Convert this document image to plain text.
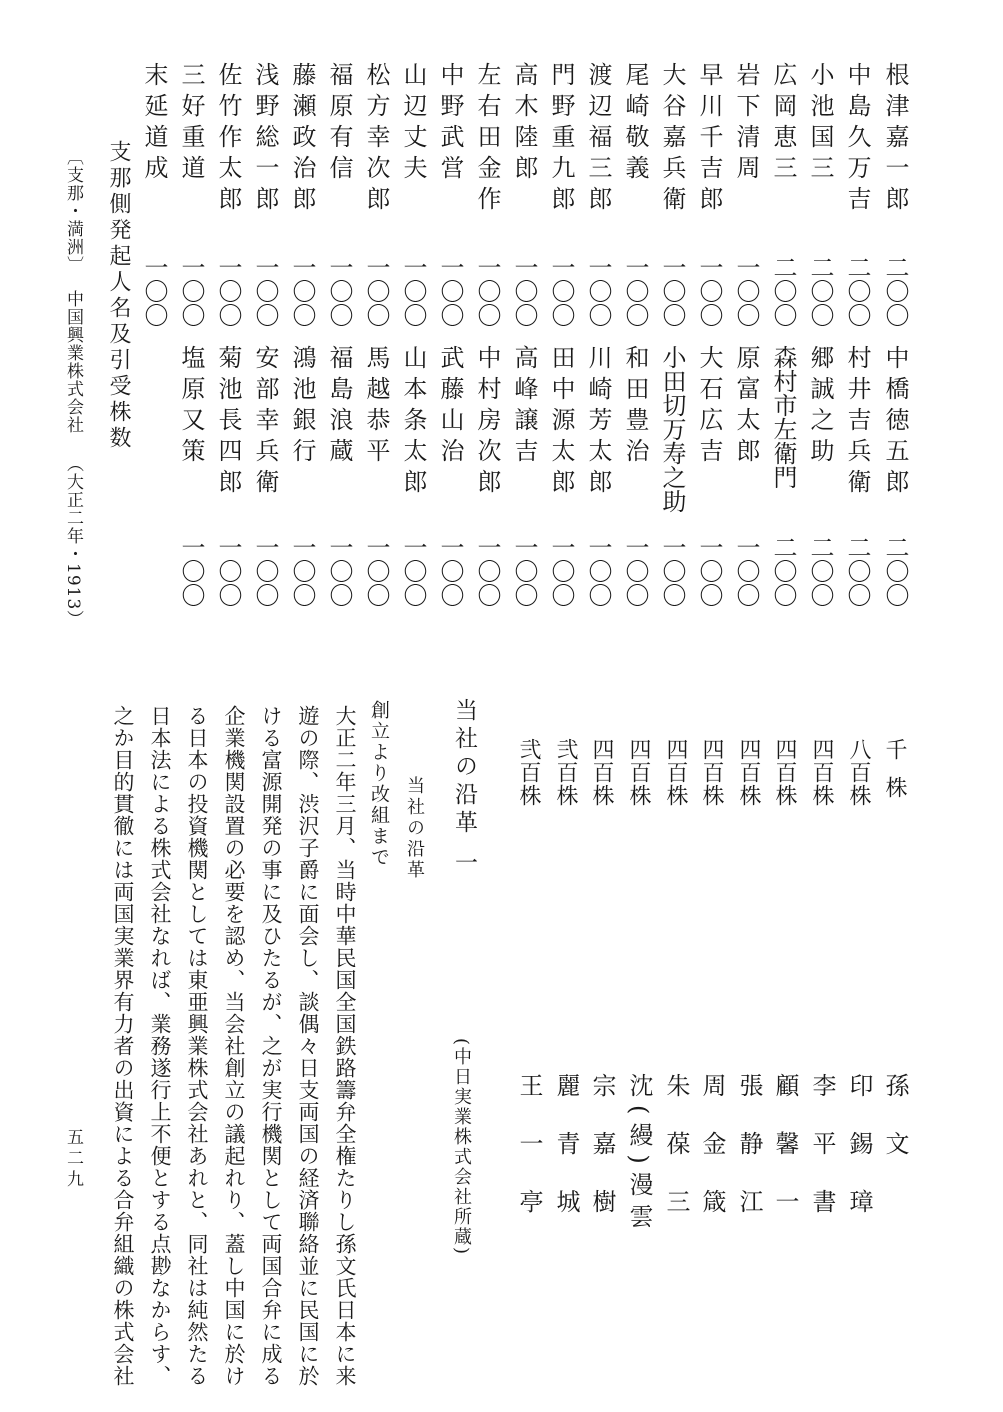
〔支那・満洲〕
中国興業株式会社
（大正二年・1913）
五二九
支那側発起人名及引受株数
根津嘉一郎
二〇〇
中島久万吉
二〇〇
小池国三
二〇〇
広岡恵三
二〇〇
岩下清周
一〇〇
早川千吉郎
一〇〇
大谷嘉兵衛
一〇〇
尾崎敬義
一〇〇
渡辺福三郎
一〇〇
門野重九郎
一〇〇
高木陸郎
一〇〇
左右田金作
一〇〇
中野武営
一〇〇
山辺丈夫
一〇〇
松方幸次郎
一〇〇
福原有信
一〇〇
藤瀬政治郎
一〇〇
浅野総一郎
一〇〇
佐竹作太郎
一〇〇
三好重道
一〇〇
末延道成
一〇〇
中橋徳五郎
二〇〇
村井吉兵衛
二〇〇
郷誠之助
二〇〇
森村市左衛門
二〇〇
原富太郎
一〇〇
大石広吉
一〇〇
小田切万寿之助
一〇〇
和田豊治
一〇〇
川崎芳太郎
一〇〇
田中源太郎
一〇〇
高峰譲吉
一〇〇
中村房次郎
一〇〇
武藤山治
一〇〇
山本条太郎
一〇〇
馬越恭平
一〇〇
福島浪蔵
一〇〇
鴻池銀行
一〇〇
安部幸兵衛
一〇〇
菊池長四郎
一〇〇
塩原又策
一〇〇
千株
孫文
八百株
印錫璋
四百株
李平書
四百株
顧馨一
四百株
張静江
四百株
周金箴
四百株
朱葆三
四百株
沈(縵)漫雲
四百株
宗嘉樹
弐百株
麗青城
弐百株
王一亭
当社の沿革 一
(中日実業株式会社所蔵)
当社の沿革
創立より改組まで
大正二年三月、当時中華民国全国鉄路籌弁全権たりし孫文氏日本に来
遊の際、渋沢子爵に面会し、談偶々日支両国の経済聯絡並に民国に於
ける富源開発の事に及ひたるが、之が実行機関として両国合弁に成る
企業機関設置の必要を認め、当会社創立の議起れり、蓋し中国に於け
る日本の投資機関としては東亜興業株式会社あれと、同社は純然たる
日本法による株式会社なれば、業務遂行上不便とする点尠なからす、
之か目的貫徹には両国実業界有力者の出資による合弁組織の株式会社
